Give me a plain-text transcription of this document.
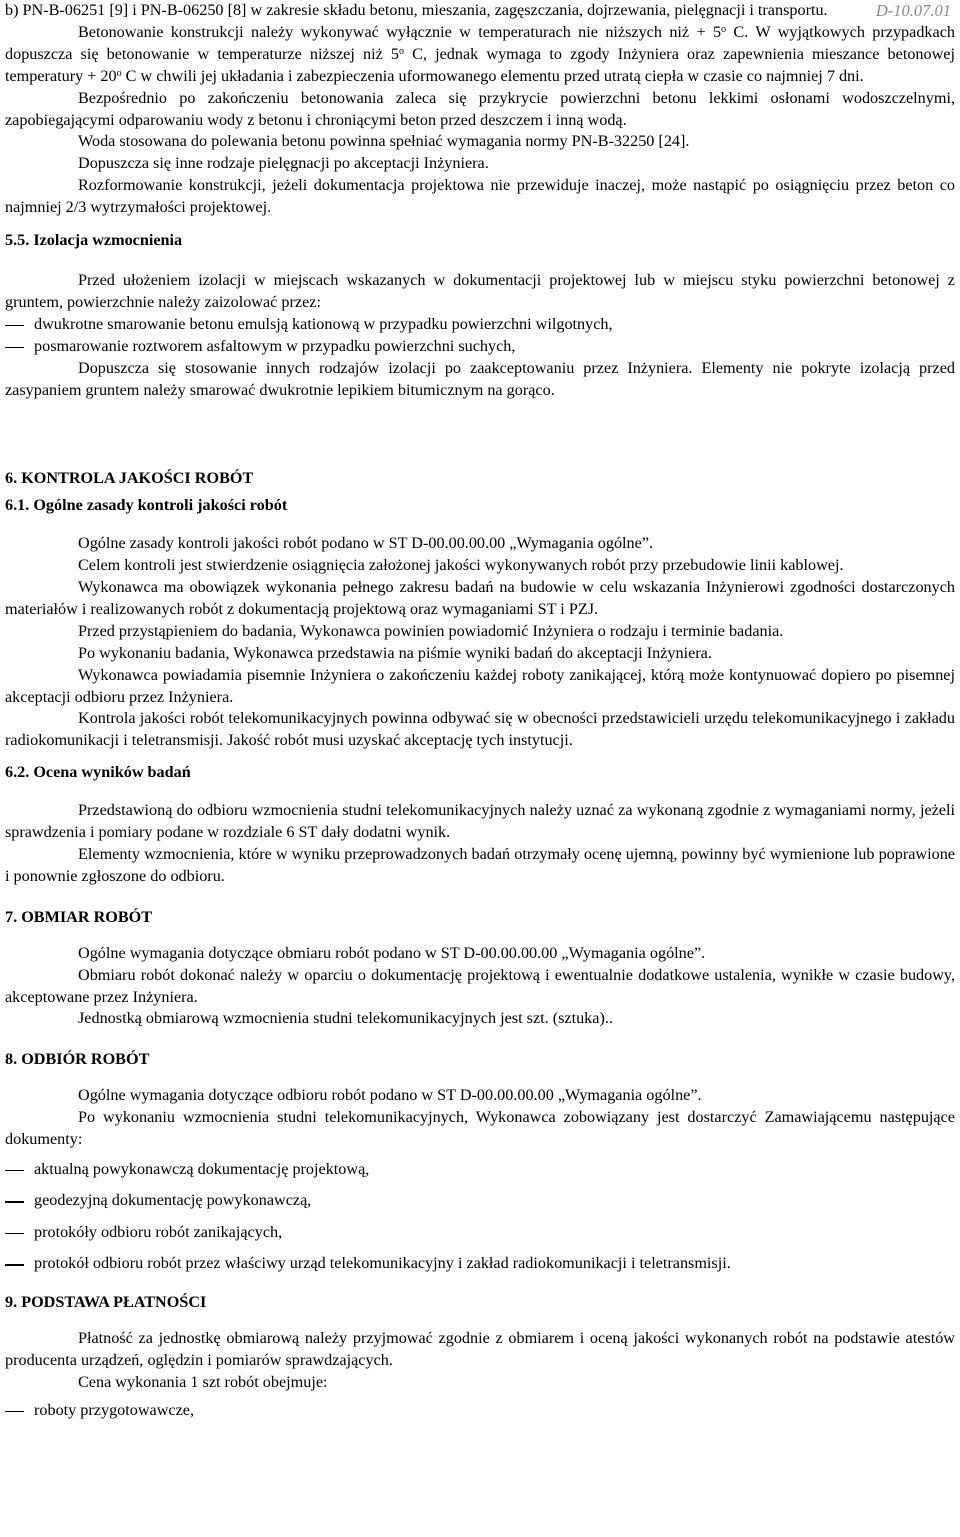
D-10.07.01

b) PN-B-06251 [9] i PN-B-06250 [8] w zakresie składu betonu, mieszania, zagęszczania, dojrzewania, pielęgnacji i transportu.

Betonowanie konstrukcji należy wykonywać wyłącznie w temperaturach nie niższych niż + $5^o$ C. W wyjątkowych przypadkach dopuszcza się betonowanie w temperaturze niższej niż 5$^o$ C, jednak wymaga to zgody Inżyniera oraz zapewnienia mieszance betonowej temperatury + $20^o$ C w chwili jej układania i zabezpieczenia uformowanego elementu przed utratą ciepła w czasie co najmniej 7 dni.

Bezpośrednio po zakończeniu betonowania zaleca się przykrycie powierzchni betonu lekkimi osłonami wodoszczelnymi, zapobiegającymi odparowaniu wody z betonu i chroniącymi beton przed deszczem i inną wodą.

Woda stosowana do polewania betonu powinna spełniać wymagania normy PN-B-32250 [24].

Dopuszcza się inne rodzaje pielęgnacji po akceptacji Inżyniera.

Rozformowanie konstrukcji, jeżeli dokumentacja projektowa nie przewiduje inaczej, może nastąpić po osiągnięciu przez beton co najmniej 2/3 wytrzymałości projektowej.

5.5. Izolacja wzmocnienia

Przed ułożeniem izolacji w miejscach wskazanych w dokumentacji projektowej lub w miejscu styku powierzchni betonowej z gruntem, powierzchnie należy zaizolować przez:

dwukrotne smarowanie betonu emulsją kationową w przypadku powierzchni wilgotnych,
posmarowanie roztworem asfaltowym w przypadku powierzchni suchych,

Dopuszcza się stosowanie innych rodzajów izolacji po zaakceptowaniu przez Inżyniera. Elementy nie pokryte izolacją przed zasypaniem gruntem należy smarować dwukrotnie lepikiem bitumicznym na gorąco.

6. KONTROLA JAKOŚCI ROBÓT
6.1. Ogólne zasady kontroli jakości robót

Ogólne zasady kontroli jakości robót podano w ST D-00.00.00.00 „Wymagania ogólne”.

Celem kontroli jest stwierdzenie osiągnięcia założonej jakości wykonywanych robót przy przebudowie linii kablowej.

Wykonawca ma obowiązek wykonania pełnego zakresu badań na budowie w celu wskazania Inżynierowi zgodności dostarczonych materiałów i realizowanych robót z dokumentacją projektową oraz wymaganiami ST i PZJ.

Przed przystąpieniem do badania, Wykonawca powinien powiadomić Inżyniera o rodzaju i terminie badania.

Po wykonaniu badania, Wykonawca przedstawia na piśmie wyniki badań do akceptacji Inżyniera.

Wykonawca powiadamia pisemnie Inżyniera o zakończeniu każdej roboty zanikającej, którą może kontynuować dopiero po pisemnej akceptacji odbioru przez Inżyniera.

Kontrola jakości robót telekomunikacyjnych powinna odbywać się w obecności przedstawicieli urzędu telekomunikacyjnego i zakładu radiokomunikacji i teletransmisji. Jakość robót musi uzyskać akceptację tych instytucji.

6.2. Ocena wyników badań

Przedstawioną do odbioru wzmocnienia studni telekomunikacyjnych należy uznać za wykonaną zgodnie z wymaganiami normy, jeżeli sprawdzenia i pomiary podane w rozdziale 6 ST dały dodatni wynik.

Elementy wzmocnienia, które w wyniku przeprowadzonych badań otrzymały ocenę ujemną, powinny być wymienione lub poprawione i ponownie zgłoszone do odbioru.

7. OBMIAR ROBÓT

Ogólne wymagania dotyczące obmiaru robót podano w ST D-00.00.00.00 „Wymagania ogólne”.

Obmiaru robót dokonać należy w oparciu o dokumentację projektową i ewentualnie dodatkowe ustalenia, wynikłe w czasie budowy, akceptowane przez Inżyniera.

Jednostką obmiarową wzmocnienia studni telekomunikacyjnych jest szt. (sztuka)..

8. ODBIÓR ROBÓT

Ogólne wymagania dotyczące odbioru robót podano w ST D-00.00.00.00 „Wymagania ogólne”.

Po wykonaniu wzmocnienia studni telekomunikacyjnych, Wykonawca zobowiązany jest dostarczyć Zamawiającemu następujące dokumenty:

aktualną powykonawczą dokumentację projektową,
geodezyjną dokumentację powykonawczą,
protokóły odbioru robót zanikających,
protokół odbioru robót przez właściwy urząd telekomunikacyjny i zakład radiokomunikacji i teletransmisji.
9. PODSTAWA PŁATNOŚCI

Płatność za jednostkę obmiarową należy przyjmować zgodnie z obmiarem i oceną jakości wykonanych robót na podstawie atestów producenta urządzeń, oględzin i pomiarów sprawdzających.

Cena wykonania 1 szt robót obejmuje:

roboty przygotowawcze,
